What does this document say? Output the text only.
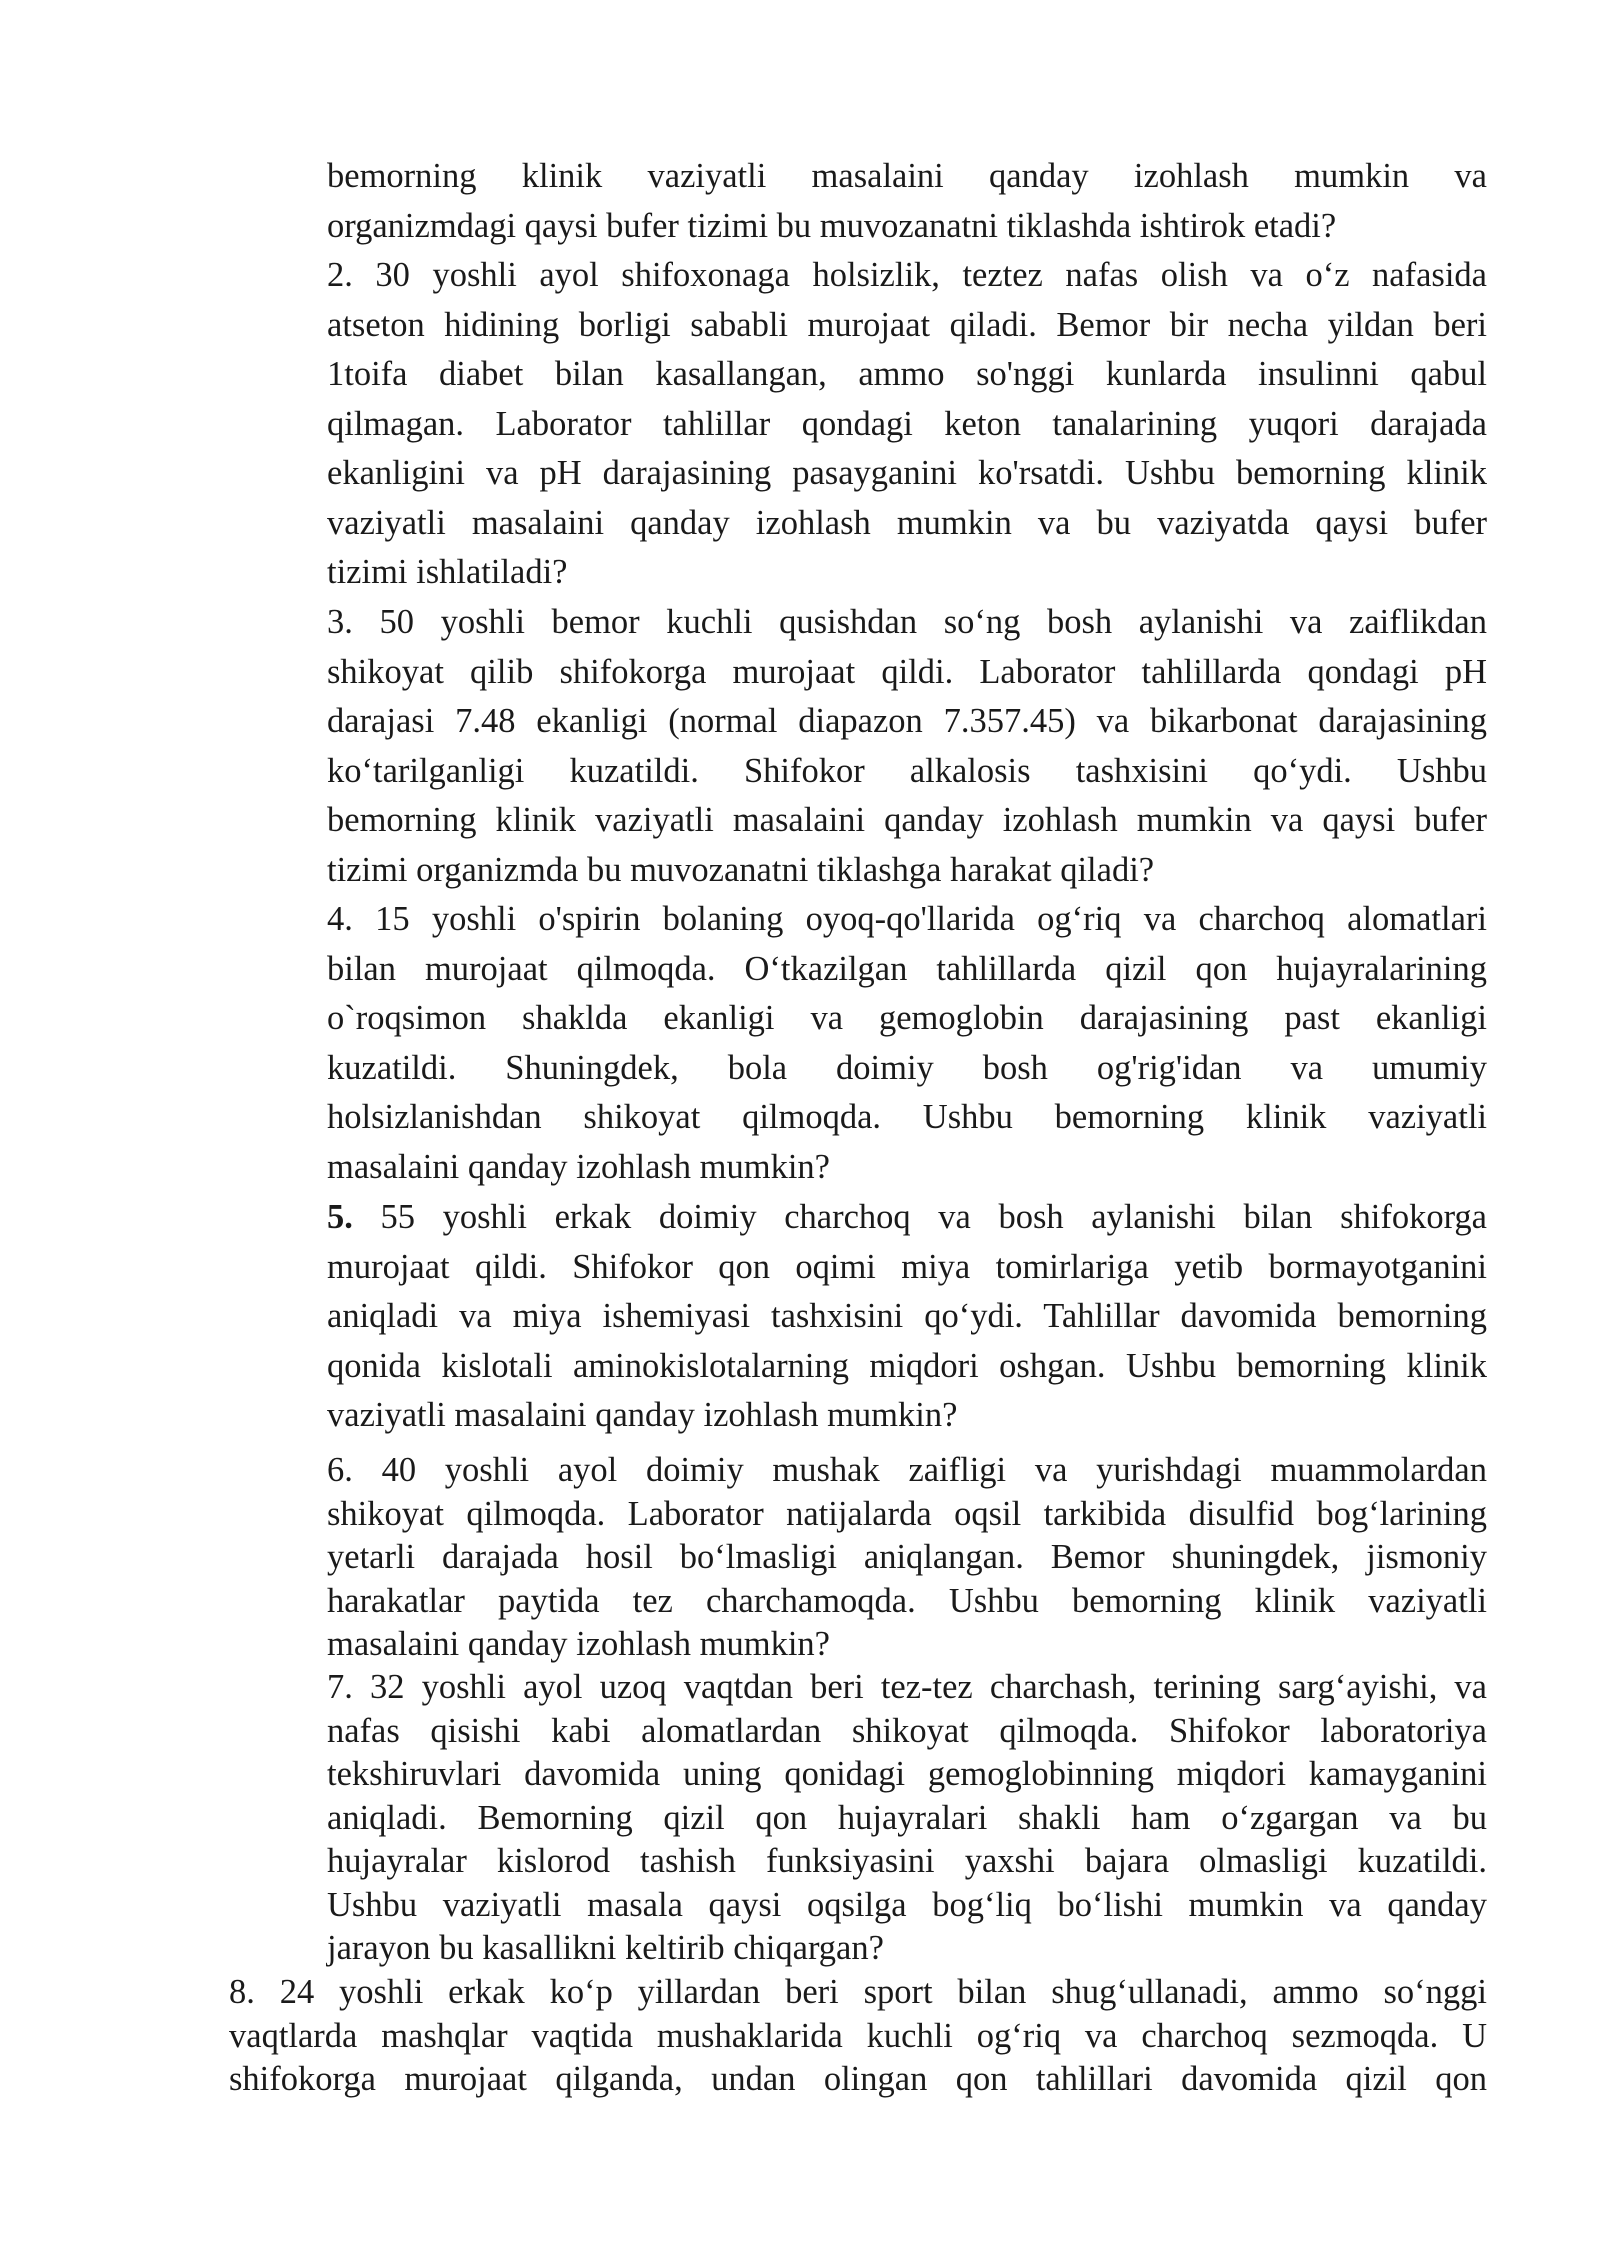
bemorning klinik vaziyatli masalaini qanday izohlash mumkin va
organizmdagi qaysi bufer tizimi bu muvozanatni tiklashda ishtirok etadi?
2. 30 yoshli ayol shifoxonaga holsizlik, teztez nafas olish va o‘z nafasida
atseton hidining borligi sababli murojaat qiladi. Bemor bir necha yildan beri
1toifa diabet bilan kasallangan, ammo so'nggi kunlarda insulinni qabul
qilmagan. Laborator tahlillar qondagi keton tanalarining yuqori darajada
ekanligini va pH darajasining pasayganini ko'rsatdi. Ushbu bemorning klinik
vaziyatli masalaini qanday izohlash mumkin va bu vaziyatda qaysi bufer
tizimi ishlatiladi?
3. 50 yoshli bemor kuchli qusishdan so‘ng bosh aylanishi va zaiflikdan
shikoyat qilib shifokorga murojaat qildi. Laborator tahlillarda qondagi pH
darajasi 7.48 ekanligi (normal diapazon 7.357.45) va bikarbonat darajasining
ko‘tarilganligi kuzatildi. Shifokor alkalosis tashxisini qo‘ydi. Ushbu
bemorning klinik vaziyatli masalaini qanday izohlash mumkin va qaysi bufer
tizimi organizmda bu muvozanatni tiklashga harakat qiladi?
4. 15 yoshli o'spirin bolaning oyoq-qo'llarida og‘riq va charchoq alomatlari
bilan murojaat qilmoqda. O‘tkazilgan tahlillarda qizil qon hujayralarining
o`roqsimon shaklda ekanligi va gemoglobin darajasining past ekanligi
kuzatildi. Shuningdek, bola doimiy bosh og'rig'idan va umumiy
holsizlanishdan shikoyat qilmoqda. Ushbu bemorning klinik vaziyatli
masalaini qanday izohlash mumkin?
5. 55 yoshli erkak doimiy charchoq va bosh aylanishi bilan shifokorga
murojaat qildi. Shifokor qon oqimi miya tomirlariga yetib bormayotganini
aniqladi va miya ishemiyasi tashxisini qo‘ydi. Tahlillar davomida bemorning
qonida kislotali aminokislotalarning miqdori oshgan. Ushbu bemorning klinik
vaziyatli masalaini qanday izohlash mumkin?
6. 40 yoshli ayol doimiy mushak zaifligi va yurishdagi muammolardan
shikoyat qilmoqda. Laborator natijalarda oqsil tarkibida disulfid bog‘larining
yetarli darajada hosil bo‘lmasligi aniqlangan. Bemor shuningdek, jismoniy
harakatlar paytida tez charchamoqda. Ushbu bemorning klinik vaziyatli
masalaini qanday izohlash mumkin?
7. 32 yoshli ayol uzoq vaqtdan beri tez-tez charchash, terining sarg‘ayishi, va
nafas qisishi kabi alomatlardan shikoyat qilmoqda. Shifokor laboratoriya
tekshiruvlari davomida uning qonidagi gemoglobinning miqdori kamayganini
aniqladi. Bemorning qizil qon hujayralari shakli ham o‘zgargan va bu
hujayralar kislorod tashish funksiyasini yaxshi bajara olmasligi kuzatildi.
Ushbu vaziyatli masala qaysi oqsilga bog‘liq bo‘lishi mumkin va qanday
jarayon bu kasallikni keltirib chiqargan?
8. 24 yoshli erkak ko‘p yillardan beri sport bilan shug‘ullanadi, ammo so‘nggi
vaqtlarda mashqlar vaqtida mushaklarida kuchli og‘riq va charchoq sezmoqda. U
shifokorga murojaat qilganda, undan olingan qon tahlillari davomida qizil qon
